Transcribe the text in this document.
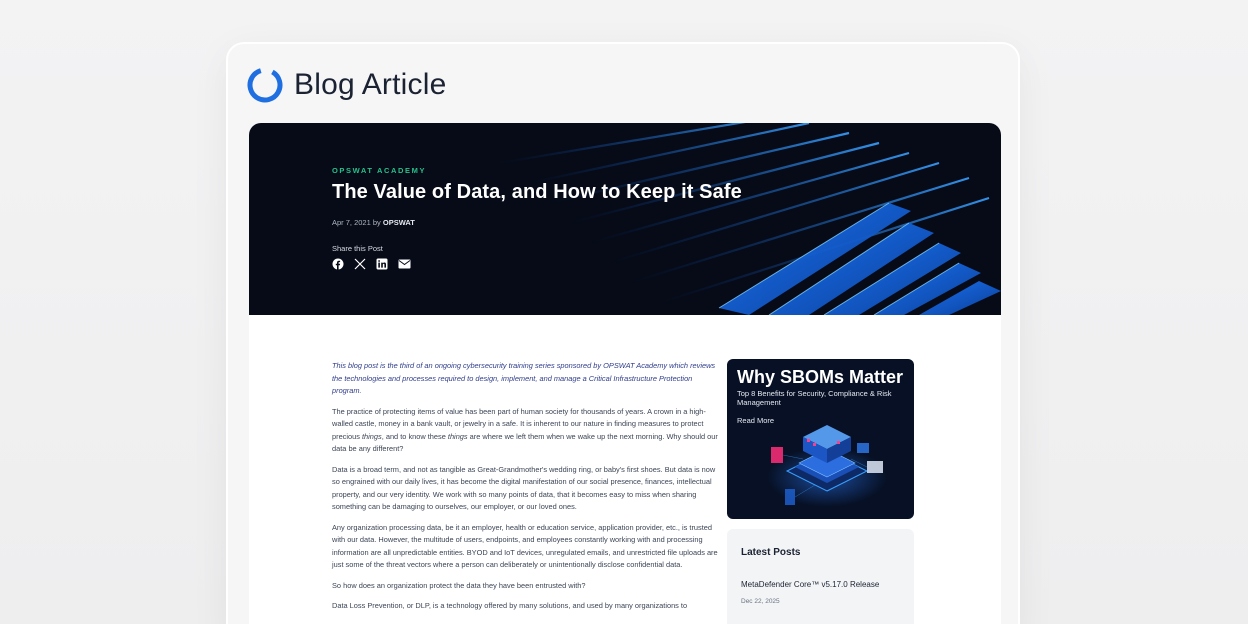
Blog Article
OPSWAT ACADEMY
The Value of Data, and How to Keep it Safe
Apr 7, 2021 by OPSWAT
Share this Post

This blog post is the third of an ongoing cybersecurity training series sponsored by OPSWAT Academy which reviews the technologies and processes required to design, implement, and manage a Critical Infrastructure Protection program.

The practice of protecting items of value has been part of human society for thousands of years. A crown in a high-walled castle, money in a bank vault, or jewelry in a safe. It is inherent to our nature in finding measures to protect precious things, and to know these things are where we left them when we wake up the next morning. Why should our data be any different?

Data is a broad term, and not as tangible as Great-Grandmother's wedding ring, or baby's first shoes. But data is now so engrained with our daily lives, it has become the digital manifestation of our social presence, finances, intellectual property, and our very identity. We work with so many points of data, that it becomes easy to miss when sharing something can be damaging to ourselves, our employer, or our loved ones.

Any organization processing data, be it an employer, health or education service, application provider, etc., is trusted with our data. However, the multitude of users, endpoints, and employees constantly working with and processing information are all unpredictable entities. BYOD and IoT devices, unregulated emails, and unrestricted file uploads are just some of the threat vectors where a person can deliberately or unintentionally disclose confidential data.

So how does an organization protect the data they have been entrusted with?

Data Loss Prevention, or DLP, is a technology offered by many solutions, and used by many organizations to

Why SBOMs Matter
Top 8 Benefits for Security, Compliance & Risk Management
Read More
Latest Posts
MetaDefender Core™ v5.17.0 Release
Dec 22, 2025
